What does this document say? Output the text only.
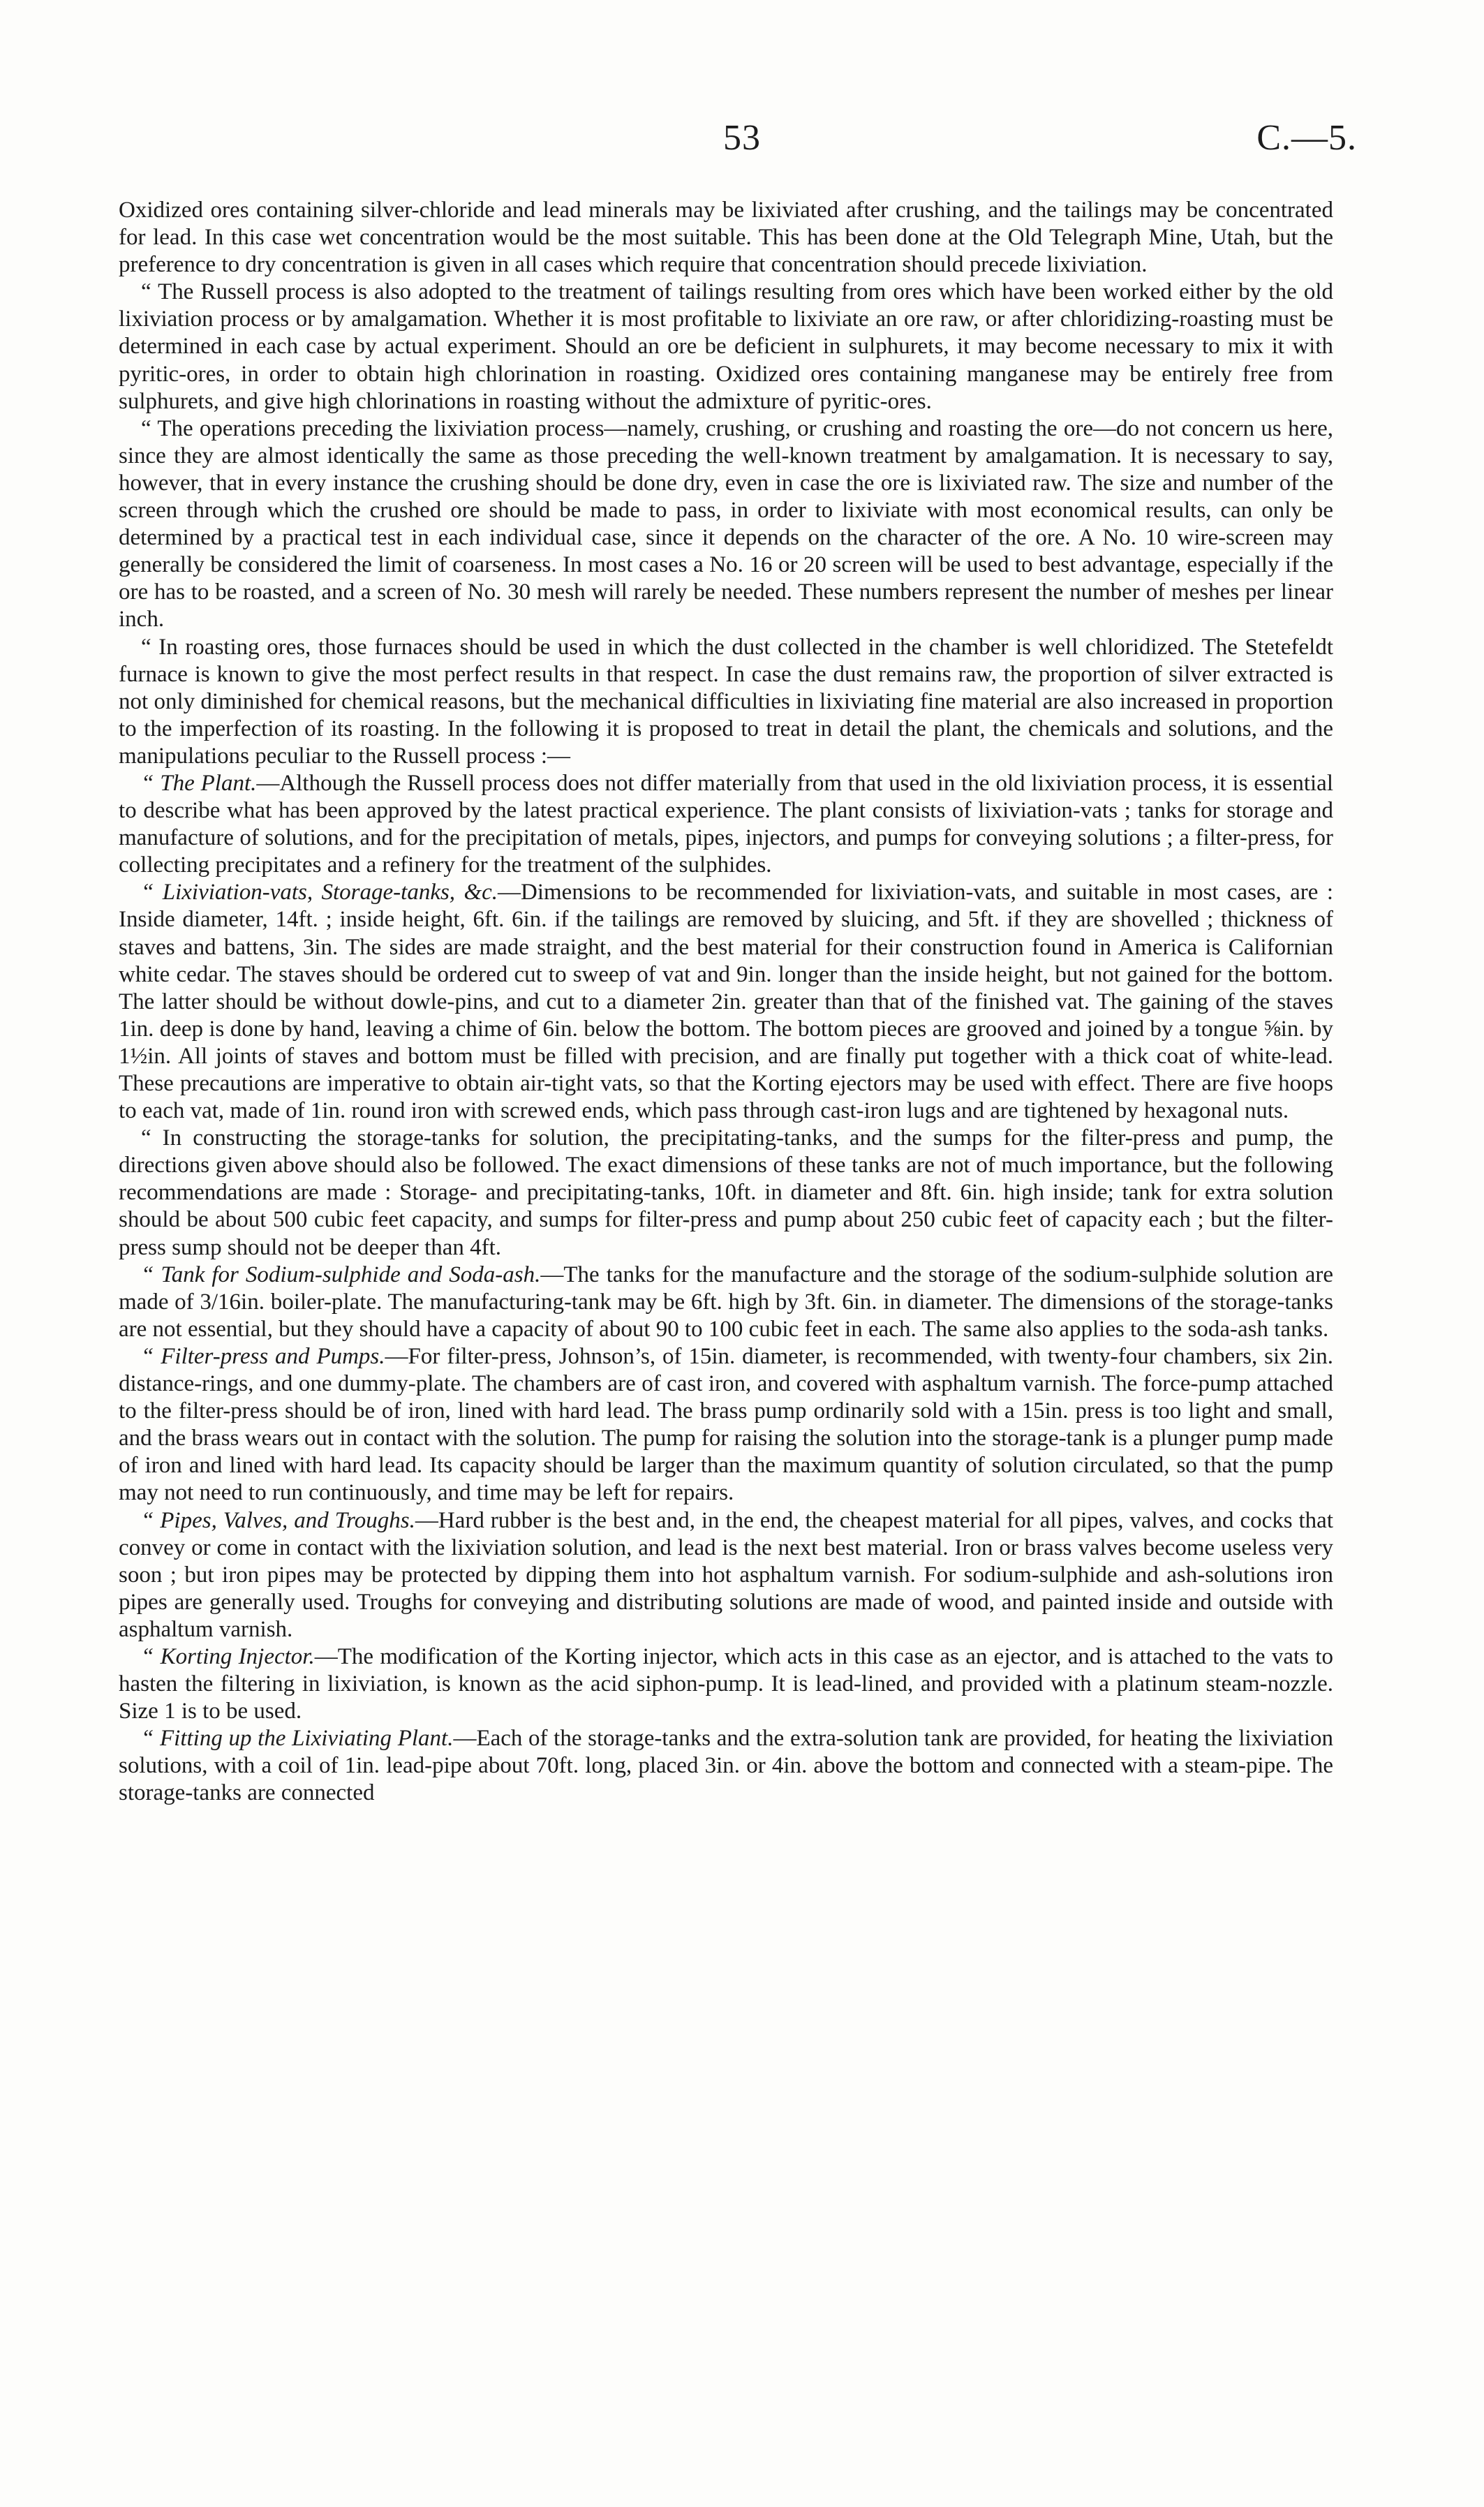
53	C.—5.

Oxidized ores containing silver-chloride and lead minerals may be lixiviated after crushing, and the tailings may be concentrated for lead. In this case wet concentration would be the most suitable. This has been done at the Old Telegraph Mine, Utah, but the preference to dry concentration is given in all cases which require that concentration should precede lixiviation.

“ The Russell process is also adopted to the treatment of tailings resulting from ores which have been worked either by the old lixiviation process or by amalgamation. Whether it is most profitable to lixiviate an ore raw, or after chloridizing-roasting must be determined in each case by actual experiment. Should an ore be deficient in sulphurets, it may become necessary to mix it with pyritic-ores, in order to obtain high chlorination in roasting. Oxidized ores containing manganese may be entirely free from sulphurets, and give high chlorinations in roasting without the admixture of pyritic-ores.

“ The operations preceding the lixiviation process—namely, crushing, or crushing and roasting the ore—do not concern us here, since they are almost identically the same as those preceding the well-known treatment by amalgamation. It is necessary to say, however, that in every instance the crushing should be done dry, even in case the ore is lixiviated raw. The size and number of the screen through which the crushed ore should be made to pass, in order to lixiviate with most economical results, can only be determined by a practical test in each individual case, since it depends on the character of the ore. A No. 10 wire-screen may generally be considered the limit of coarseness. In most cases a No. 16 or 20 screen will be used to best advantage, especially if the ore has to be roasted, and a screen of No. 30 mesh will rarely be needed. These numbers represent the number of meshes per linear inch.

“ In roasting ores, those furnaces should be used in which the dust collected in the chamber is well chloridized. The Stetefeldt furnace is known to give the most perfect results in that respect. In case the dust remains raw, the proportion of silver extracted is not only diminished for chemical reasons, but the mechanical difficulties in lixiviating fine material are also increased in proportion to the imperfection of its roasting. In the following it is proposed to treat in detail the plant, the chemicals and solutions, and the manipulations peculiar to the Russell process :—

“ The Plant.—Although the Russell process does not differ materially from that used in the old lixiviation process, it is essential to describe what has been approved by the latest practical experience. The plant consists of lixiviation-vats ; tanks for storage and manufacture of solutions, and for the precipitation of metals, pipes, injectors, and pumps for conveying solutions ; a filter-press, for collecting precipitates and a refinery for the treatment of the sulphides.

“ Lixiviation-vats, Storage-tanks, &c.—Dimensions to be recommended for lixiviation-vats, and suitable in most cases, are : Inside diameter, 14ft. ; inside height, 6ft. 6in. if the tailings are removed by sluicing, and 5ft. if they are shovelled ; thickness of staves and battens, 3in. The sides are made straight, and the best material for their construction found in America is Californian white cedar. The staves should be ordered cut to sweep of vat and 9in. longer than the inside height, but not gained for the bottom. The latter should be without dowle-pins, and cut to a diameter 2in. greater than that of the finished vat. The gaining of the staves 1in. deep is done by hand, leaving a chime of 6in. below the bottom. The bottom pieces are grooved and joined by a tongue ⅝in. by 1½in. All joints of staves and bottom must be filled with precision, and are finally put together with a thick coat of white-lead. These precautions are imperative to obtain air-tight vats, so that the Korting ejectors may be used with effect. There are five hoops to each vat, made of 1in. round iron with screwed ends, which pass through cast-iron lugs and are tightened by hexagonal nuts.

“ In constructing the storage-tanks for solution, the precipitating-tanks, and the sumps for the filter-press and pump, the directions given above should also be followed. The exact dimensions of these tanks are not of much importance, but the following recommendations are made : Storage- and precipitating-tanks, 10ft. in diameter and 8ft. 6in. high inside; tank for extra solution should be about 500 cubic feet capacity, and sumps for filter-press and pump about 250 cubic feet of capacity each ; but the filter-press sump should not be deeper than 4ft.

“ Tank for Sodium-sulphide and Soda-ash.—The tanks for the manufacture and the storage of the sodium-sulphide solution are made of 3/16in. boiler-plate. The manufacturing-tank may be 6ft. high by 3ft. 6in. in diameter. The dimensions of the storage-tanks are not essential, but they should have a capacity of about 90 to 100 cubic feet in each. The same also applies to the soda-ash tanks.

“ Filter-press and Pumps.—For filter-press, Johnson’s, of 15in. diameter, is recommended, with twenty-four chambers, six 2in. distance-rings, and one dummy-plate. The chambers are of cast iron, and covered with asphaltum varnish. The force-pump attached to the filter-press should be of iron, lined with hard lead. The brass pump ordinarily sold with a 15in. press is too light and small, and the brass wears out in contact with the solution. The pump for raising the solution into the storage-tank is a plunger pump made of iron and lined with hard lead. Its capacity should be larger than the maximum quantity of solution circulated, so that the pump may not need to run continuously, and time may be left for repairs.

“ Pipes, Valves, and Troughs.—Hard rubber is the best and, in the end, the cheapest material for all pipes, valves, and cocks that convey or come in contact with the lixiviation solution, and lead is the next best material. Iron or brass valves become useless very soon ; but iron pipes may be protected by dipping them into hot asphaltum varnish. For sodium-sulphide and ash-solutions iron pipes are generally used. Troughs for conveying and distributing solutions are made of wood, and painted inside and outside with asphaltum varnish.

“ Korting Injector.—The modification of the Korting injector, which acts in this case as an ejector, and is attached to the vats to hasten the filtering in lixiviation, is known as the acid siphon-pump. It is lead-lined, and provided with a platinum steam-nozzle. Size 1 is to be used.

“ Fitting up the Lixiviating Plant.—Each of the storage-tanks and the extra-solution tank are provided, for heating the lixiviation solutions, with a coil of 1in. lead-pipe about 70ft. long, placed 3in. or 4in. above the bottom and connected with a steam-pipe. The storage-tanks are connected
